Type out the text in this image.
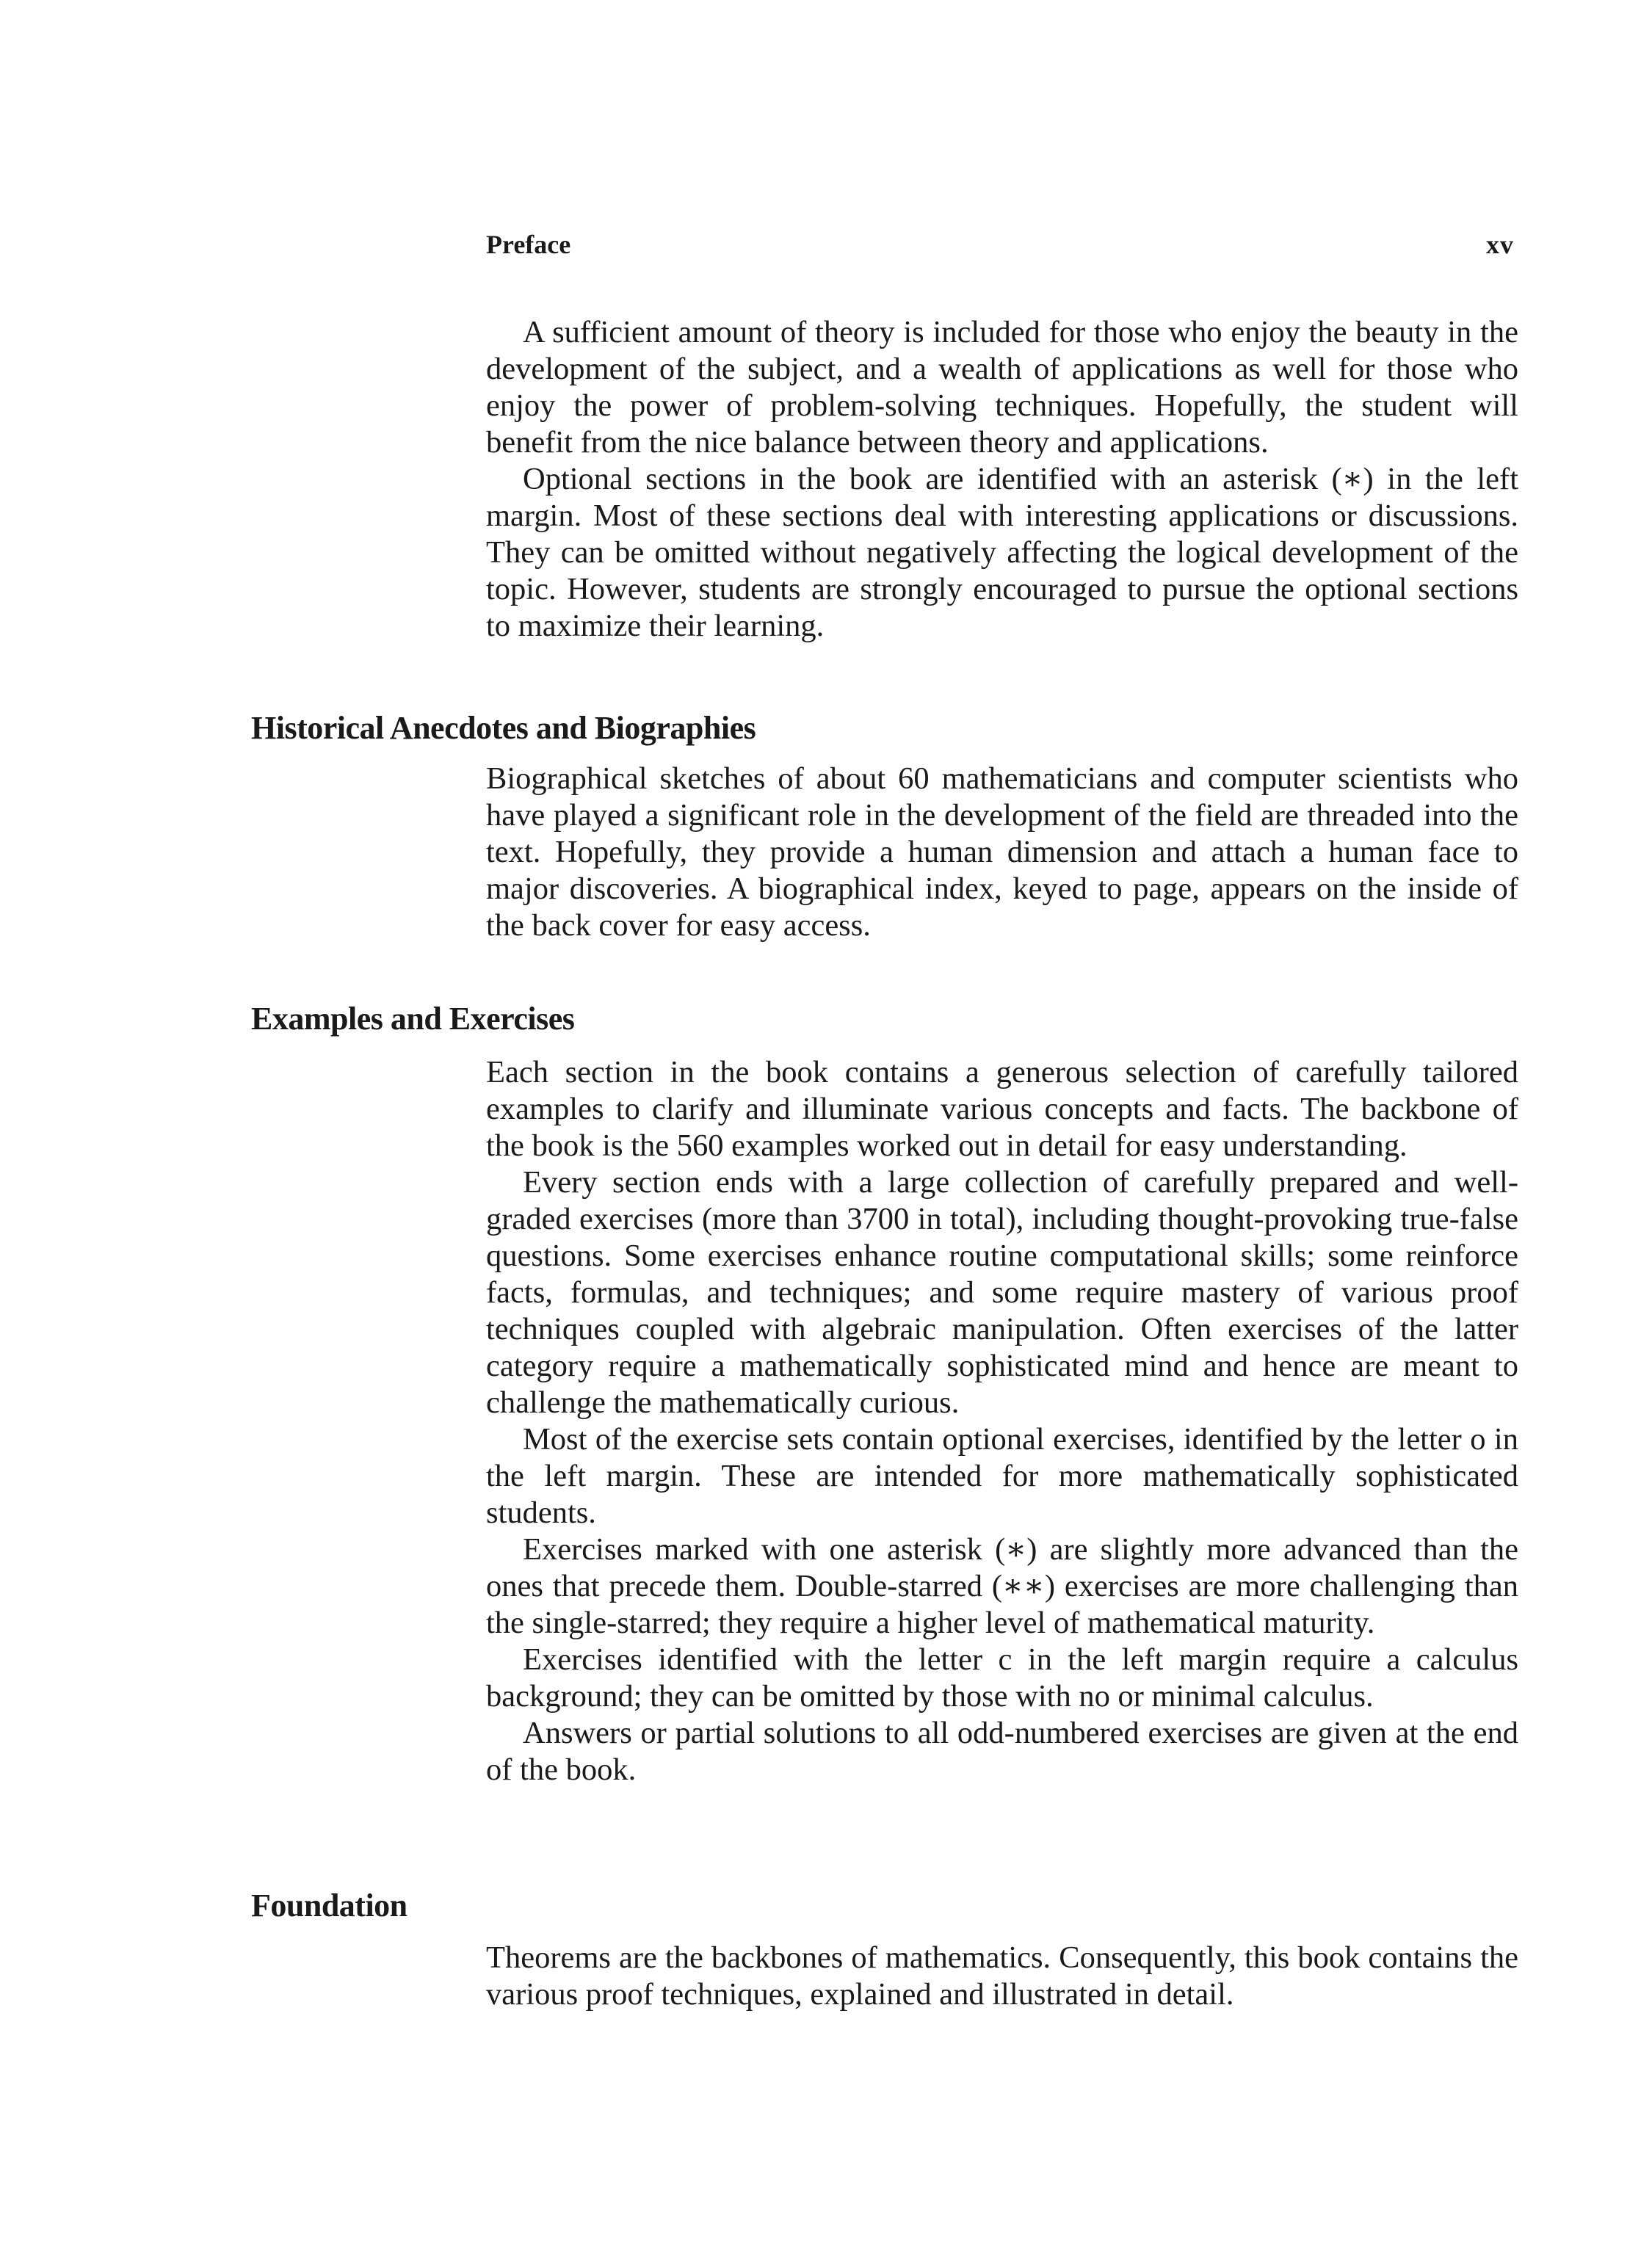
Preface	xv

A sufficient amount of theory is included for those who enjoy the beauty in the development of the subject, and a wealth of applications as well for those who enjoy the power of problem-solving techniques. Hopefully, the student will benefit from the nice balance between theory and applications.

Optional sections in the book are identified with an asterisk (∗) in the left margin. Most of these sections deal with interesting applications or discussions. They can be omitted without negatively affecting the logical development of the topic. However, students are strongly encouraged to pursue the optional sections to maximize their learning.

Historical Anecdotes and Biographies

Biographical sketches of about 60 mathematicians and computer scientists who have played a significant role in the development of the field are threaded into the text. Hopefully, they provide a human dimension and attach a human face to major discoveries. A biographical index, keyed to page, appears on the inside of the back cover for easy access.

Examples and Exercises

Each section in the book contains a generous selection of carefully tailored examples to clarify and illuminate various concepts and facts. The backbone of the book is the 560 examples worked out in detail for easy understanding.

Every section ends with a large collection of carefully prepared and well-graded exercises (more than 3700 in total), including thought-provoking true-false questions. Some exercises enhance routine computational skills; some reinforce facts, formulas, and techniques; and some require mastery of various proof techniques coupled with algebraic manipulation. Often exercises of the latter category require a mathematically sophisticated mind and hence are meant to challenge the mathematically curious.

Most of the exercise sets contain optional exercises, identified by the letter o in the left margin. These are intended for more mathematically sophisticated students.

Exercises marked with one asterisk (∗) are slightly more advanced than the ones that precede them. Double-starred (∗∗) exercises are more challenging than the single-starred; they require a higher level of mathematical maturity.

Exercises identified with the letter c in the left margin require a calculus background; they can be omitted by those with no or minimal calculus.

Answers or partial solutions to all odd-numbered exercises are given at the end of the book.

Foundation

Theorems are the backbones of mathematics. Consequently, this book contains the various proof techniques, explained and illustrated in detail.
